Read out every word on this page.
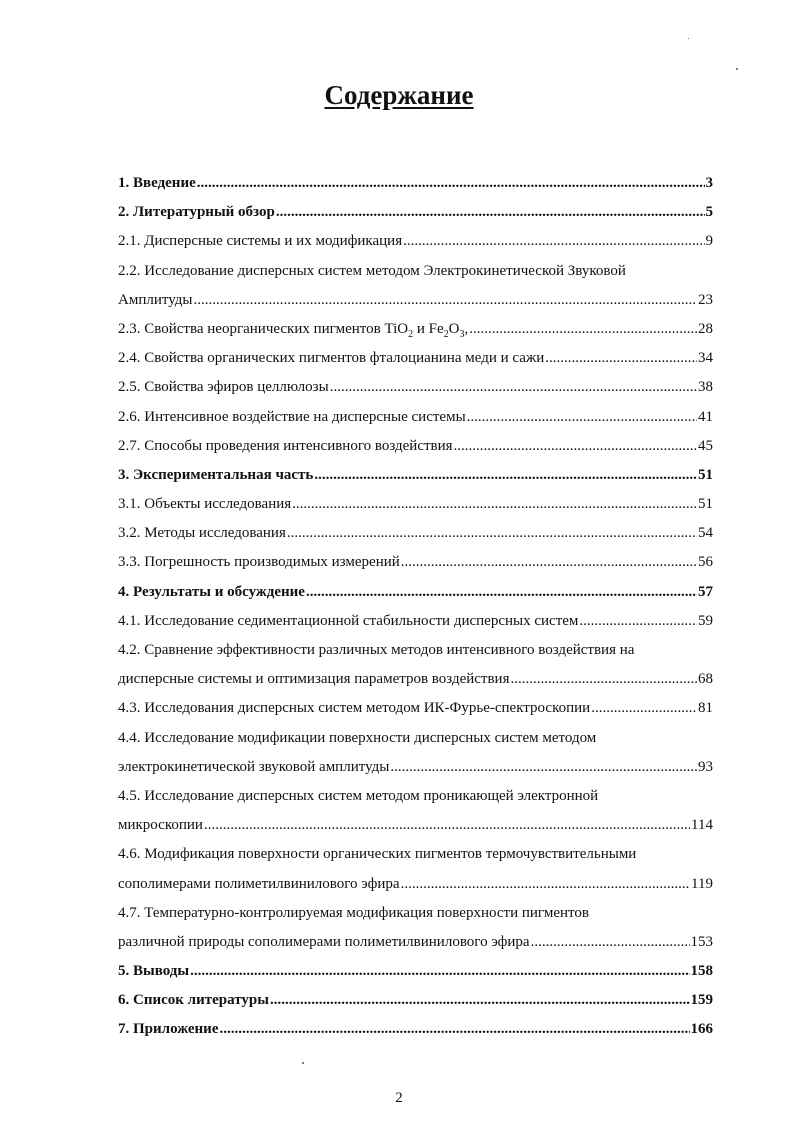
Содержание
1. Введение .....	3
2. Литературный обзор .....	5
2.1. Дисперсные системы и их модификация .....	9
2.2. Исследование дисперсных систем методом Электрокинетической Звуковой
Амплитуды .....	23
2.3. Свойства неорганических пигментов TiO$_2$ и $Fe_2O_3$, .....	28
2.4. Свойства органических пигментов фталоцианина меди и сажи .....	34
2.5. Свойства эфиров целлюлозы .....	38
2.6. Интенсивное воздействие на дисперсные системы .....	41
2.7. Способы проведения интенсивного воздействия .....	45
3. Экспериментальная часть .....	51
3.1. Объекты исследования .....	51
3.2. Методы исследования .....	54
3.3. Погрешность производимых измерений .....	56
4. Результаты и обсуждение .....	57
4.1. Исследование седиментационной стабильности дисперсных систем .....	59
4.2. Сравнение эффективности различных методов интенсивного воздействия на
дисперсные системы и оптимизация параметров воздействия .....	68
4.3. Исследования дисперсных систем методом ИК-Фурье-спектроскопии .....	81
4.4. Исследование модификации поверхности дисперсных систем методом
электрокинетической звуковой амплитуды .....	93
4.5. Исследование дисперсных систем методом проникающей электронной
микроскопии .....	114
4.6. Модификация поверхности органических пигментов термочувствительными
сополимерами полиметилвинилового эфира .....	119
4.7. Температурно-контролируемая модификация поверхности пигментов
различной природы сополимерами полиметилвинилового эфира .....	153
5. Выводы .....	158
6. Список литературы .....	159
7. Приложение .....	166
2
